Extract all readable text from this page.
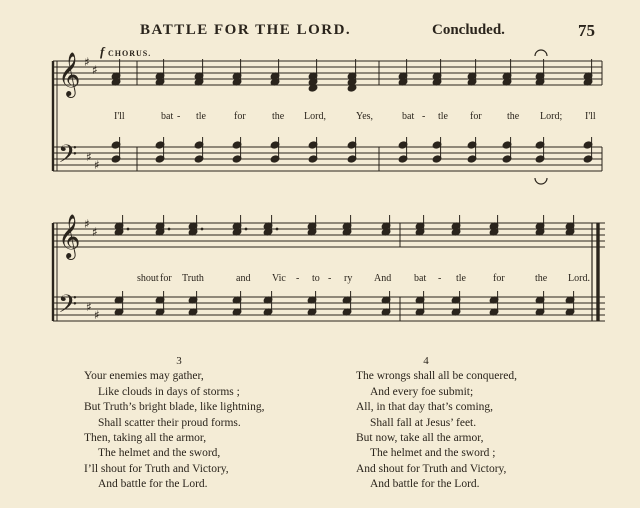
BATTLE FOR THE LORD.	Concluded.	75
f CHORUS.
𝄞
𝄢
♯
♯
♯
♯
𝄞
𝄢
♯
♯
♯
♯
I'll	bat - tle	for	the Lord,	Yes,	bat - tle for	the Lord; I'll
shout for Truth	and Vic - to - ry And bat - tle	for	the Lord.
3
Your enemies may gather,
Like clouds in days of storms ;
But Truth’s bright blade, like lightning,
Shall scatter their proud forms.
Then, taking all the armor,
The helmet and the sword,
I’ll shout for Truth and Victory,
And battle for the Lord.
4
The wrongs shall all be conquered,
And every foe submit;
All, in that day that’s coming,
Shall fall at Jesus’ feet.
But now, take all the armor,
The helmet and the sword ;
And shout for Truth and Victory,
And battle for the Lord.
